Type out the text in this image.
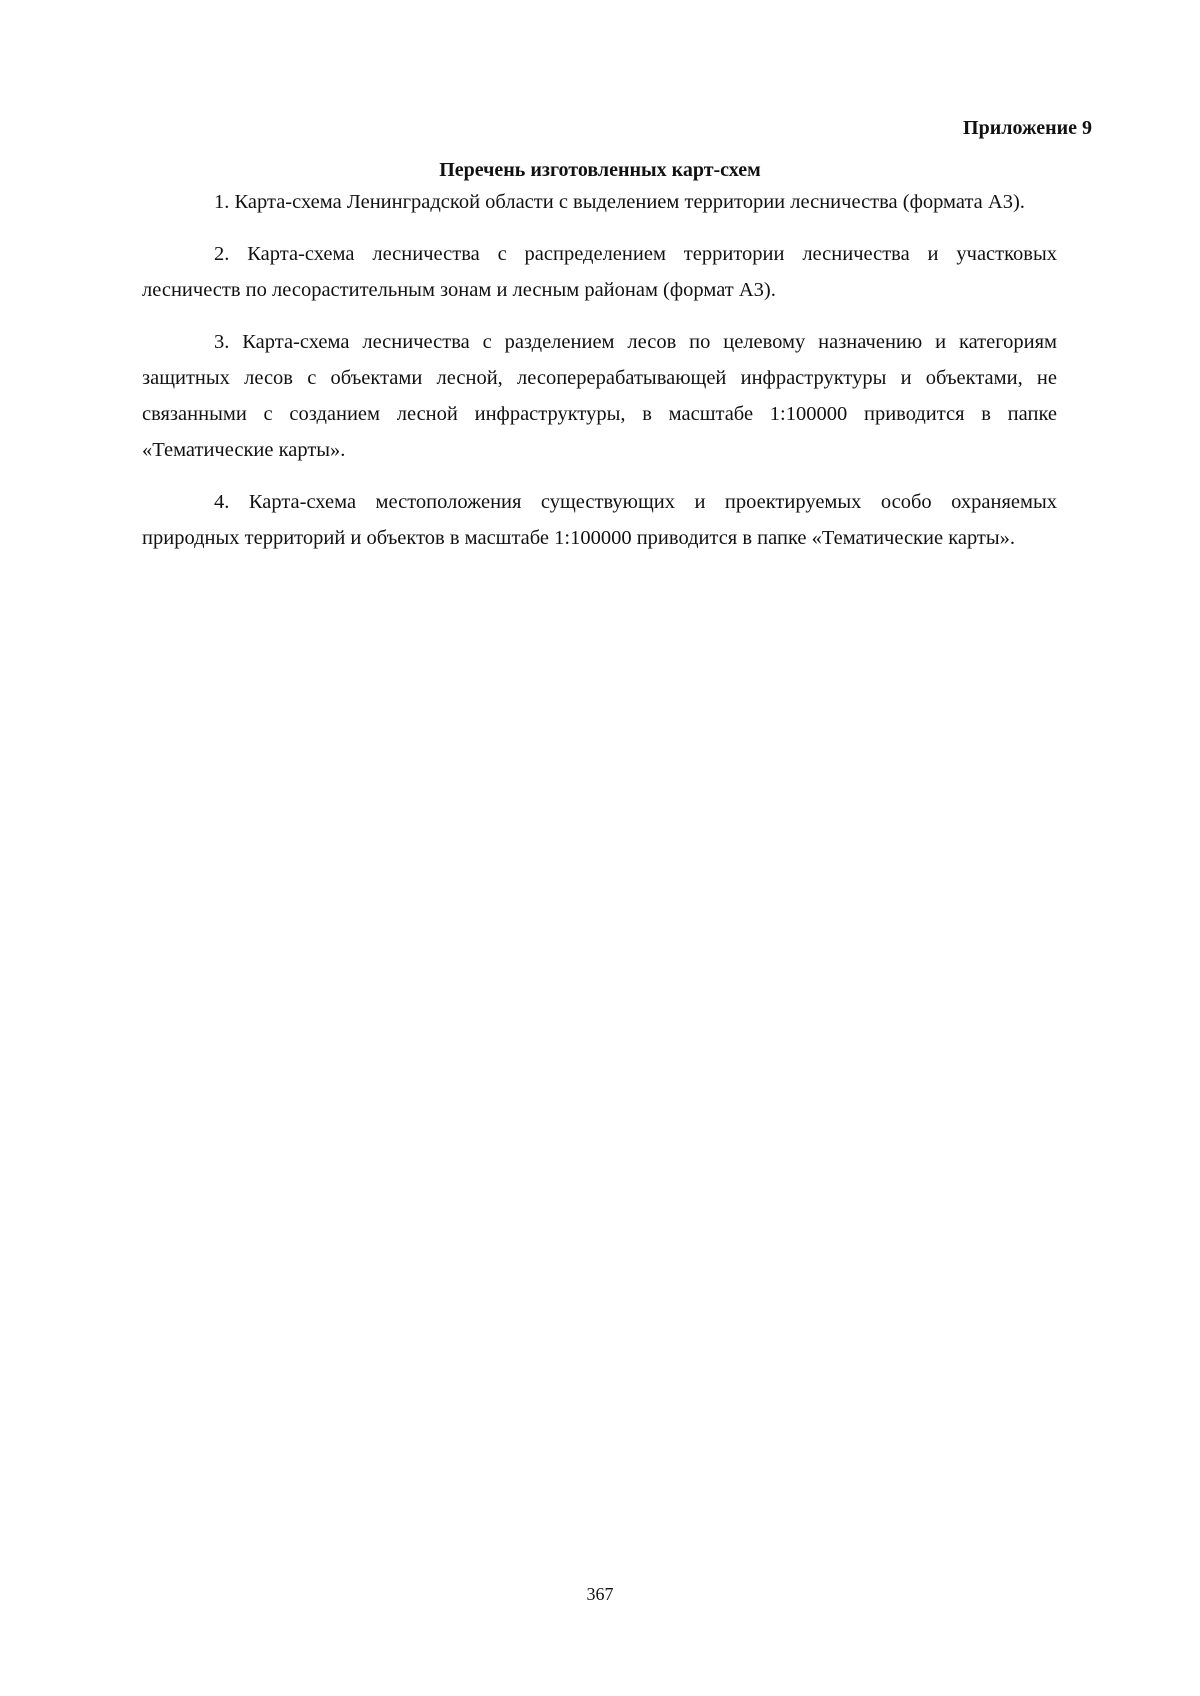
Приложение 9
Перечень изготовленных карт-схем

1. Карта-схема Ленинградской области с выделением территории лесничества (формата А3).

2. Карта-схема лесничества с распределением территории лесничества и участковых лесничеств по лесорастительным зонам и лесным районам (формат А3).

3. Карта-схема лесничества с разделением лесов по целевому назначению и категориям защитных лесов с объектами лесной, лесоперерабатывающей инфраструктуры и объектами, не связанными с созданием лесной инфраструктуры, в масштабе 1:100000 приводится в папке «Тематические карты».

4. Карта-схема местоположения существующих и проектируемых особо охраняемых природных территорий и объектов в масштабе 1:100000 приводится в папке «Тематические карты».

367
